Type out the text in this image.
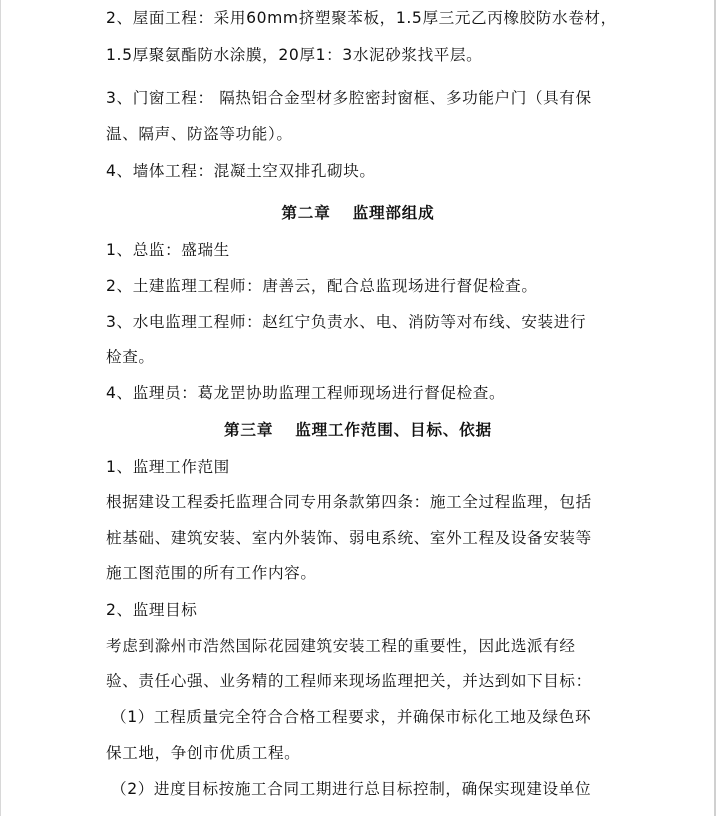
2、屋面工程：采用60mm挤塑聚苯板，1.5厚三元乙丙橡胶防水卷材，
1.5厚聚氨酯防水涂膜，20厚1：3水泥砂浆找平层。
3、门窗工程： 隔热铝合金型材多腔密封窗框、多功能户门（具有保
温、隔声、防盗等功能）。
4、墙体工程：混凝土空双排孔砌块。
第二章 监理部组成
1、总监：盛瑞生
2、土建监理工程师：唐善云，配合总监现场进行督促检查。
3、水电监理工程师：赵红宁负责水、电、消防等对布线、安装进行
检查。
4、监理员：葛龙罡协助监理工程师现场进行督促检查。
第三章 监理工作范围、目标、依据
1、监理工作范围
根据建设工程委托监理合同专用条款第四条：施工全过程监理，包括
桩基础、建筑安装、室内外装饰、弱电系统、室外工程及设备安装等
施工图范围的所有工作内容。
2、监理目标
考虑到滁州市浩然国际花园建筑安装工程的重要性，因此选派有经
验、责任心强、业务精的工程师来现场监理把关，并达到如下目标：
（1）工程质量完全符合合格工程要求，并确保市标化工地及绿色环
保工地，争创市优质工程。
（2）进度目标按施工合同工期进行总目标控制，确保实现建设单位
